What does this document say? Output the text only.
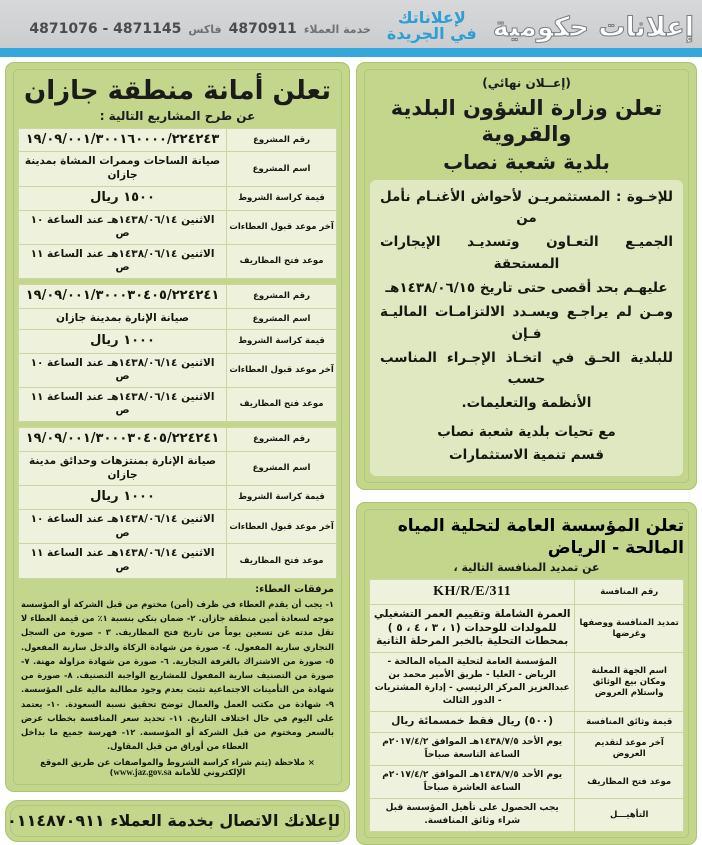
إعلانات حكومية
لإعلاناتك
في الجريدة
خدمة العملاء
4870911
فاكس
4871076 - 4871145
(إعــلان نهائي)
تعلن وزارة الشؤون البلدية والقروية
بلدية شعبة نصاب

للإخـوة : المستثمريـن لأحواش الأغنـام نأمل من

الجميـع التعـاون وتسديـد الإيجارات المستحقة

عليهـم بحد أقصى حتى تاريخ ١٤٣٨/٠٦/١٥هـ

ومـن لم يراجـع ويسـدد الالتزامـات الماليـة فـإن

للبلدية الحـق في اتخـاذ الإجـراء المناسب حسب

الأنظمة والتعليمات.

مع تحيات بلدية شعبة نصاب

قسم تنمية الاستثمارات

تعلن المؤسسة العامة لتحلية المياه المالحة - الرياض
عن تمديد المنافسة التالية ،
رقم المنافسة	KH/R/E/311
تمديد المنافسة ووصفها وغرضها	العمرة الشاملة وتقييم العمر التشغيلي للمولدات للوحدات (١ ، ٣ ، ٤ ، ٥ ) بمحطات التحلية بالخبر المرحلة الثانية
اسم الجهة المعلنة ومكان بيع الوثائق واستلام العروض	المؤسسة العامة لتحلية المياه المالحة - الرياض - العليا - طريق الأمير محمد بن عبدالعزيز المركز الرئيسي - إدارة المشتريات - الدور الثالث
قيمة وثائق المنافسة	(٥٠٠) ريال فقط خمسمائة ريال
آخر موعد لتقديم العروض	يوم الأحد ١٤٣٨/٧/٥هـ الموافق ٢٠١٧/٤/٢م الساعة التاسعة صباحاً
موعد فتح المظاريف	يوم الأحد ١٤٣٨/٧/٥هـ الموافق ٢٠١٧/٤/٢م الساعة العاشرة صباحاً
التأهيـــل	يجب الحصول على تأهيل المؤسسة قبل شراء وثائق المنافسة.
تعلن أمانة منطقة جازان
عن طرح المشاريع التالية :
رقم المشروع	١٩/٠٩/٠٠١/٣٠٠١٦٠٠٠٠/٢٢٤٢٤٣
اسم المشروع	صيانة الساحات وممرات المشاة بمدينة جازان
قيمة كراسة الشروط	١٥٠٠ ريال
آخر موعد قبول العطاءات	الاثنين ١٤٣٨/٠٦/١٤هـ عند الساعة ١٠ ص
موعد فتح المظاريف	الاثنين ١٤٣٨/٠٦/١٤هـ عند الساعة ١١ ص
رقم المشروع	١٩/٠٩/٠٠١/٣٠٠٠٣٠٤٠٥/٢٢٤٢٤١
اسم المشروع	صيانة الإنارة بمدينة جازان
قيمة كراسة الشروط	١٠٠٠ ريال
آخر موعد قبول العطاءات	الاثنين ١٤٣٨/٠٦/١٤هـ عند الساعة ١٠ ص
موعد فتح المظاريف	الاثنين ١٤٣٨/٠٦/١٤هـ عند الساعة ١١ ص
رقم المشروع	١٩/٠٩/٠٠١/٣٠٠٠٣٠٤٠٥/٢٢٤٢٤١
اسم المشروع	صيانة الإنارة بمنتزهات وحدائق مدينة جازان
قيمة كراسة الشروط	١٠٠٠ ريال
آخر موعد قبول العطاءات	الاثنين ١٤٣٨/٠٦/١٤هـ عند الساعة ١٠ ص
موعد فتح المظاريف	الاثنين ١٤٣٨/٠٦/١٤هـ عند الساعة ١١ ص
مرفقات العطاء:
١- يجب أن يقدم العطاء في ظرف (أمن) مختوم من قبل الشركة أو المؤسسة موجه لسعادة أمين منطقة جازان. ٢- ضمان بنكي بنسبة ١٪ من قيمة العطاء لا تقل مدته عن تسعين يوماً من تاريخ فتح المظاريف. ٣ - صورة من السجل التجاري سارية المفعول. ٤- صورة من شهادة الزكاة والدخل سارية المفعول. ٥- صورة من الاشتراك بالغرفة التجارية. ٦- صورة من شهادة مزاولة مهنة. ٧- صورة من التصنيف سارية المفعول للمشاريع الواجبة التصنيف. ٨- صورة من شهادة من التأمينات الاجتماعية تثبت بعدم وجود مطالبة مالية على المؤسسة. ٩- شهادة من مكتب العمل والعمال توضح تحقيق نسبة السعودة. ١٠- يعتمد على اليوم في حال اختلاف التاريخ. ١١- تحديد سعر المنافسة بخطاب عرض بالسعر ومختوم من قبل الشركة أو المؤسسة. ١٢- فهرسة جميع ما بداخل العطاء من أوراق من قبل المقاول.
× ملاحظة (يتم شراء كراسة الشروط والمواصفات عن طريق الموقع الإلكتروني للأمانة www.jaz.gov.sa)
لإعلانك الاتصال بخدمة العملاء ٠١١٤٨٧٠٩١١
